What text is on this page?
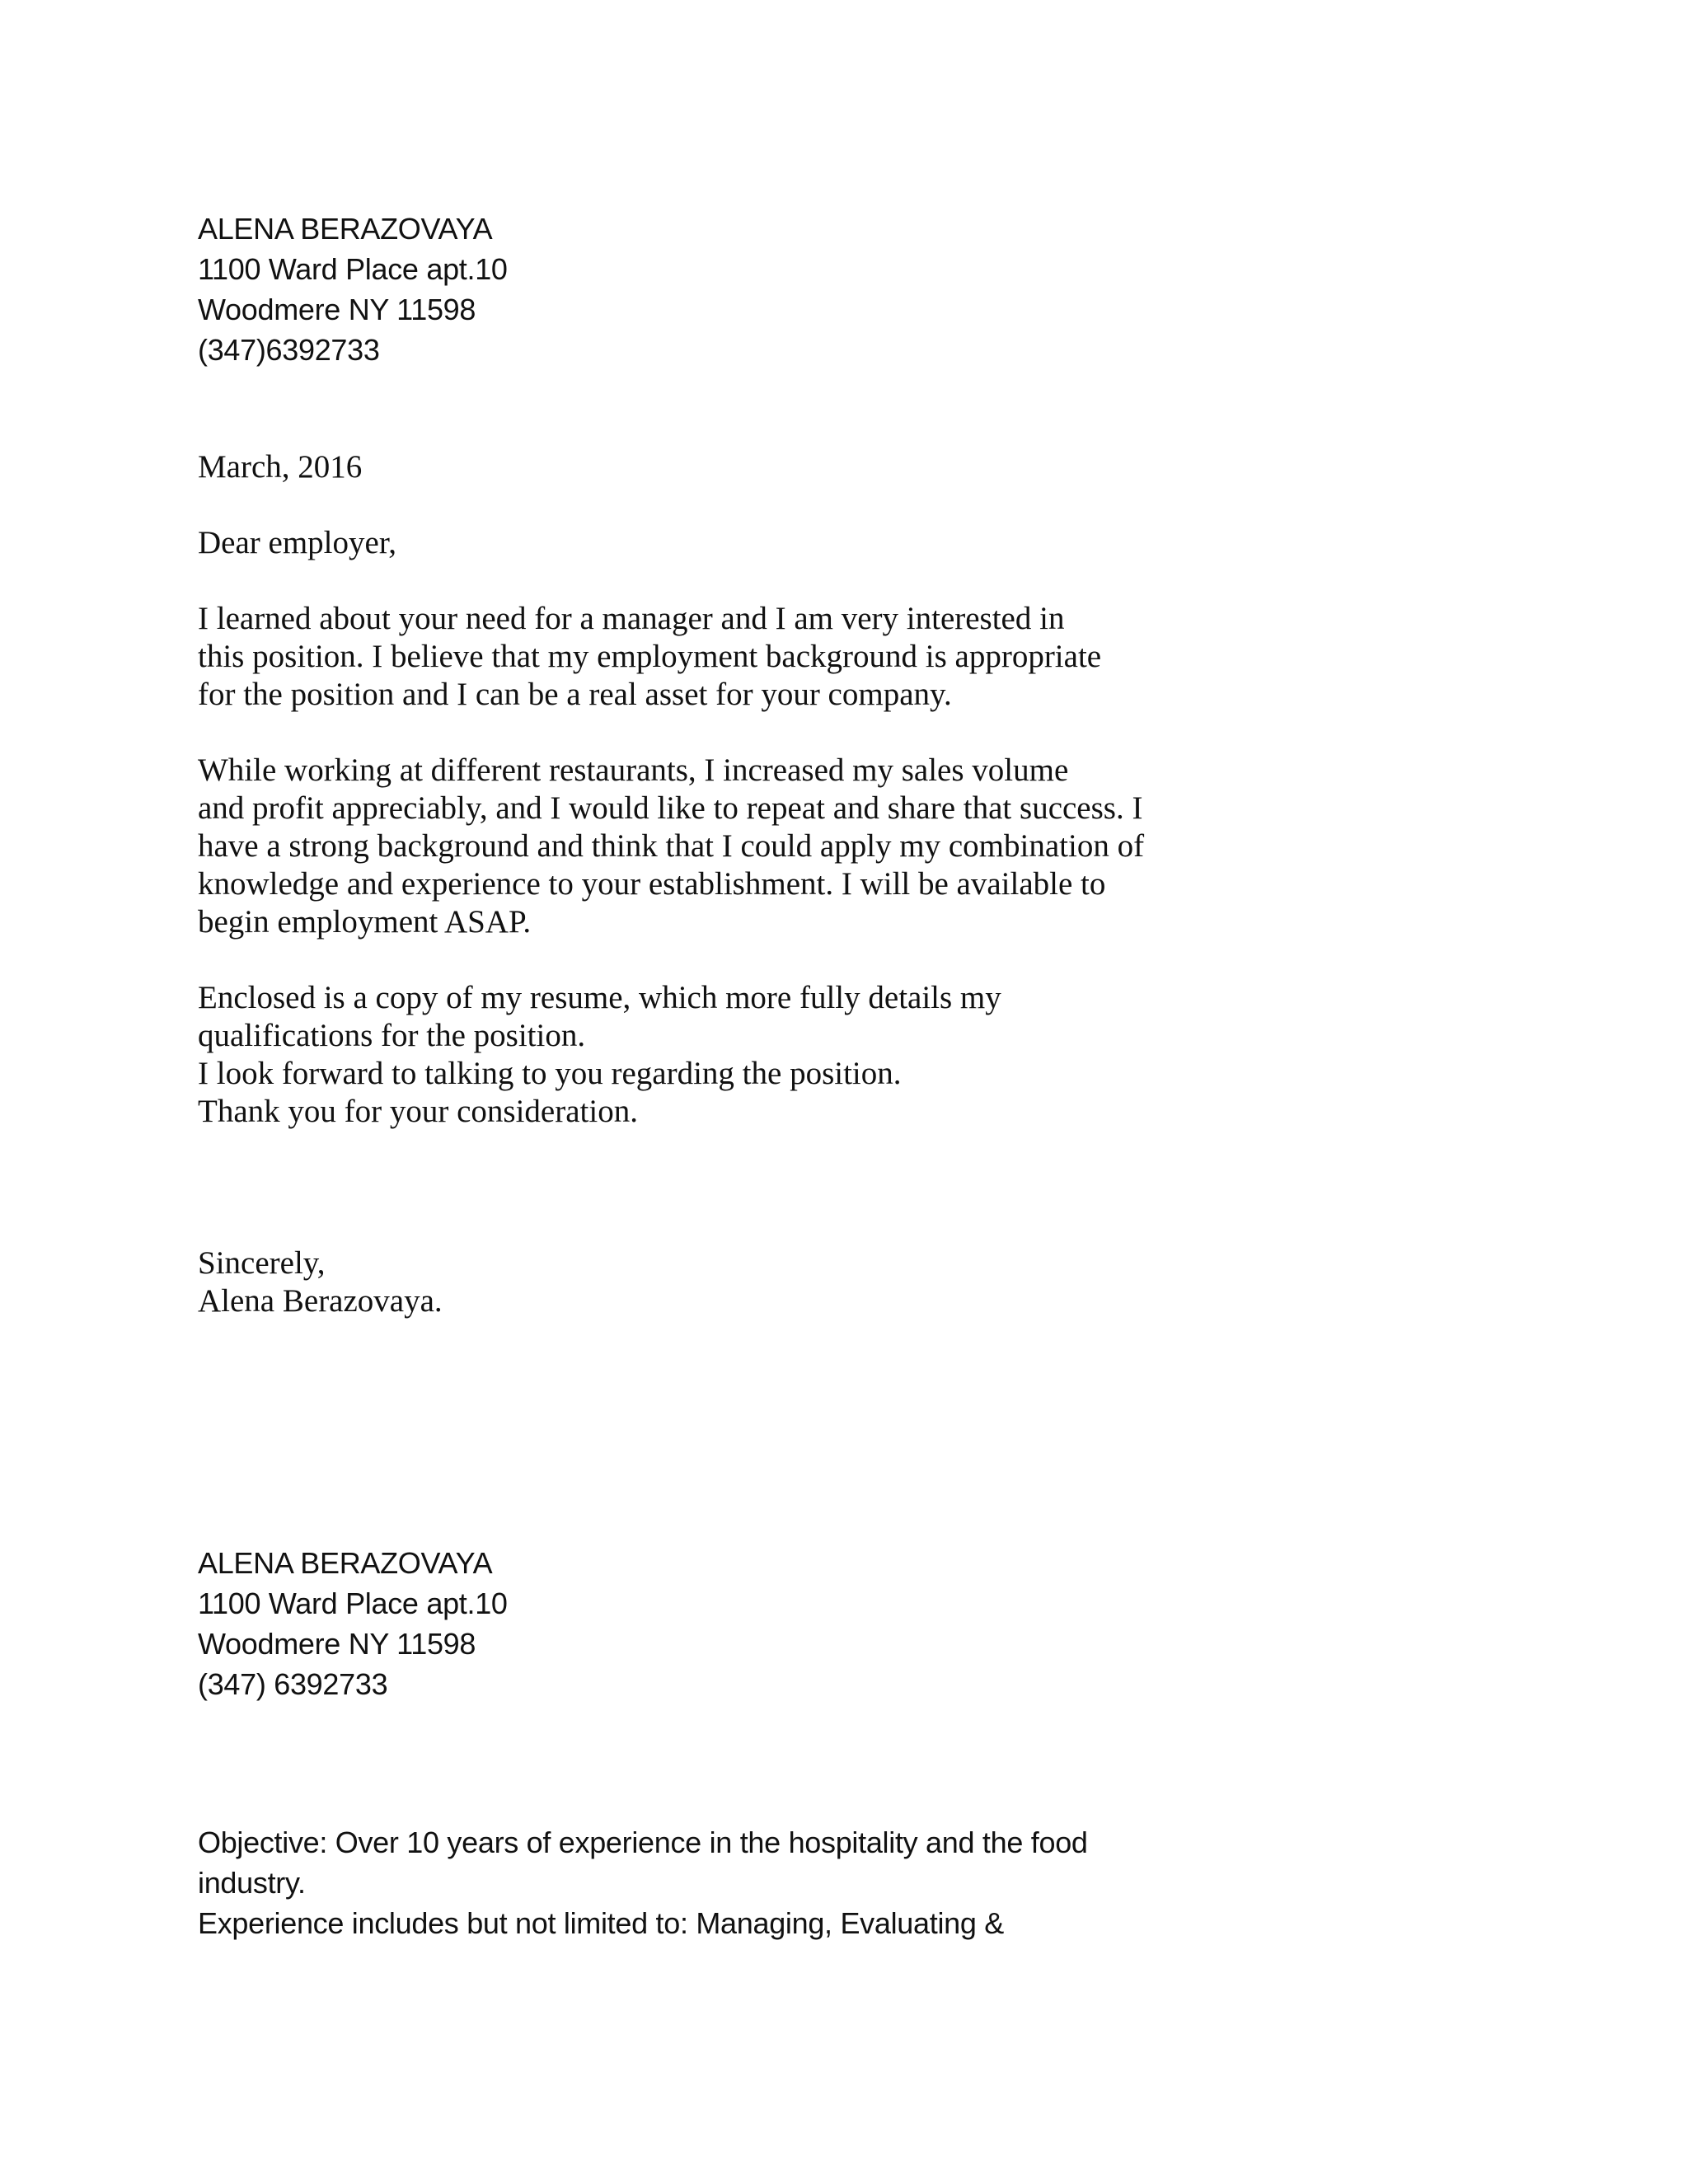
ALENA BERAZOVAYA
1100 Ward Place apt.10
Woodmere NY 11598
(347)6392733
March, 2016
Dear employer,
I learned about your need for a manager and I am very interested in
this position. I believe that my employment background is appropriate
for the position and I can be a real asset for your company.
While working at different restaurants, I increased my sales volume
and profit appreciably, and I would like to repeat and share that success. I
have a strong background and think that I could apply my combination of
knowledge and experience to your establishment. I will be available to
begin employment ASAP.
Enclosed is a copy of my resume, which more fully details my
qualifications for the position.
I look forward to talking to you regarding the position.
Thank you for your consideration.
Sincerely,
Alena Berazovaya.
ALENA BERAZOVAYA
1100 Ward Place apt.10
Woodmere NY 11598
(347) 6392733
Objective: Over 10 years of experience in the hospitality and the food
industry.
Experience includes but not limited to: Managing, Evaluating &
